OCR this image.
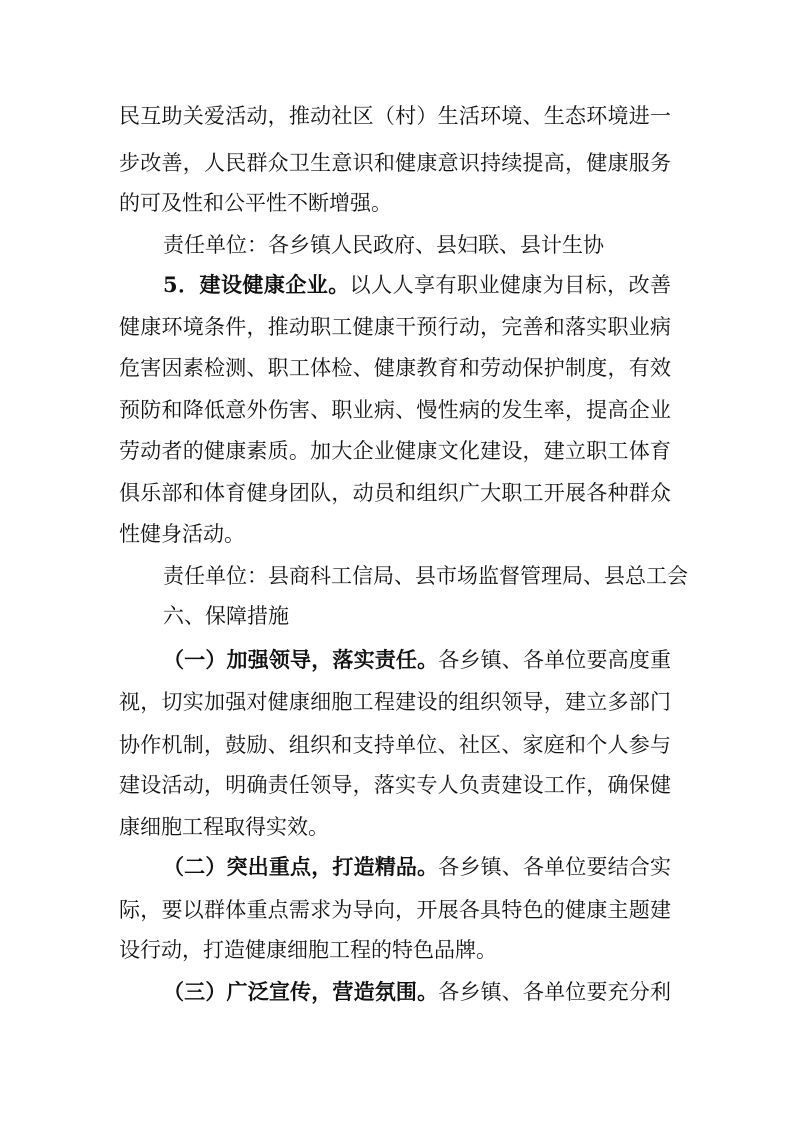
民互助关爱活动，推动社区（村）生活环境、生态环境进一
步改善，人民群众卫生意识和健康意识持续提高，健康服务
的可及性和公平性不断增强。
责任单位：各乡镇人民政府、县妇联、县计生协
5．建设健康企业。以人人享有职业健康为目标，改善
健康环境条件，推动职工健康干预行动，完善和落实职业病
危害因素检测、职工体检、健康教育和劳动保护制度，有效
预防和降低意外伤害、职业病、慢性病的发生率，提高企业
劳动者的健康素质。加大企业健康文化建设，建立职工体育
俱乐部和体育健身团队，动员和组织广大职工开展各种群众
性健身活动。
责任单位：县商科工信局、县市场监督管理局、县总工会
六、保障措施
（一）加强领导，落实责任。各乡镇、各单位要高度重
视，切实加强对健康细胞工程建设的组织领导，建立多部门
协作机制，鼓励、组织和支持单位、社区、家庭和个人参与
建设活动，明确责任领导，落实专人负责建设工作，确保健
康细胞工程取得实效。
（二）突出重点，打造精品。各乡镇、各单位要结合实
际，要以群体重点需求为导向，开展各具特色的健康主题建
设行动，打造健康细胞工程的特色品牌。
（三）广泛宣传，营造氛围。各乡镇、各单位要充分利
